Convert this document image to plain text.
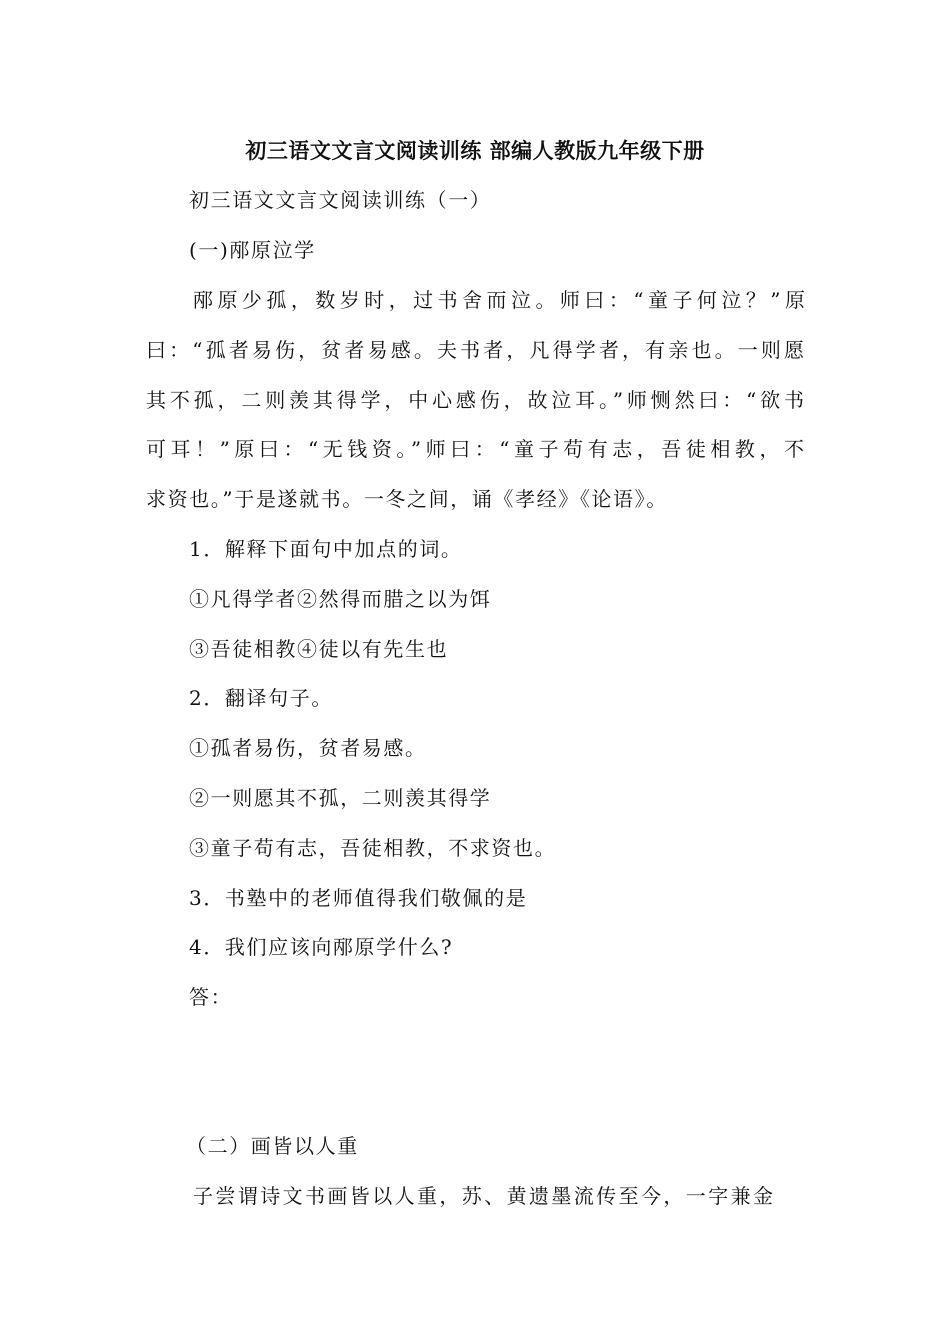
初三语文文言文阅读训练 部编人教版九年级下册
初三语文文言文阅读训练（一）
(一)邴原泣学
邴原少孤，数岁时，过书舍而泣。师曰：“童子何泣？”原
曰：“孤者易伤，贫者易感。夫书者，凡得学者，有亲也。一则愿
其不孤，二则羡其得学，中心感伤，故泣耳。”师恻然曰：“欲书
可耳！”原曰：“无钱资。”师曰：“童子苟有志，吾徒相教，不
求资也。”于是遂就书。一冬之间，诵《孝经》《论语》。
1．解释下面句中加点的词。
①凡得学者②然得而腊之以为饵
③吾徒相教④徒以有先生也
2．翻译句子。
①孤者易伤，贫者易感。
②一则愿其不孤，二则羡其得学
③童子苟有志，吾徒相教，不求资也。
3．书塾中的老师值得我们敬佩的是
4．我们应该向邴原学什么?
答：
（二）画皆以人重
子尝谓诗文书画皆以人重，苏、黄遗墨流传至今，一字兼金
